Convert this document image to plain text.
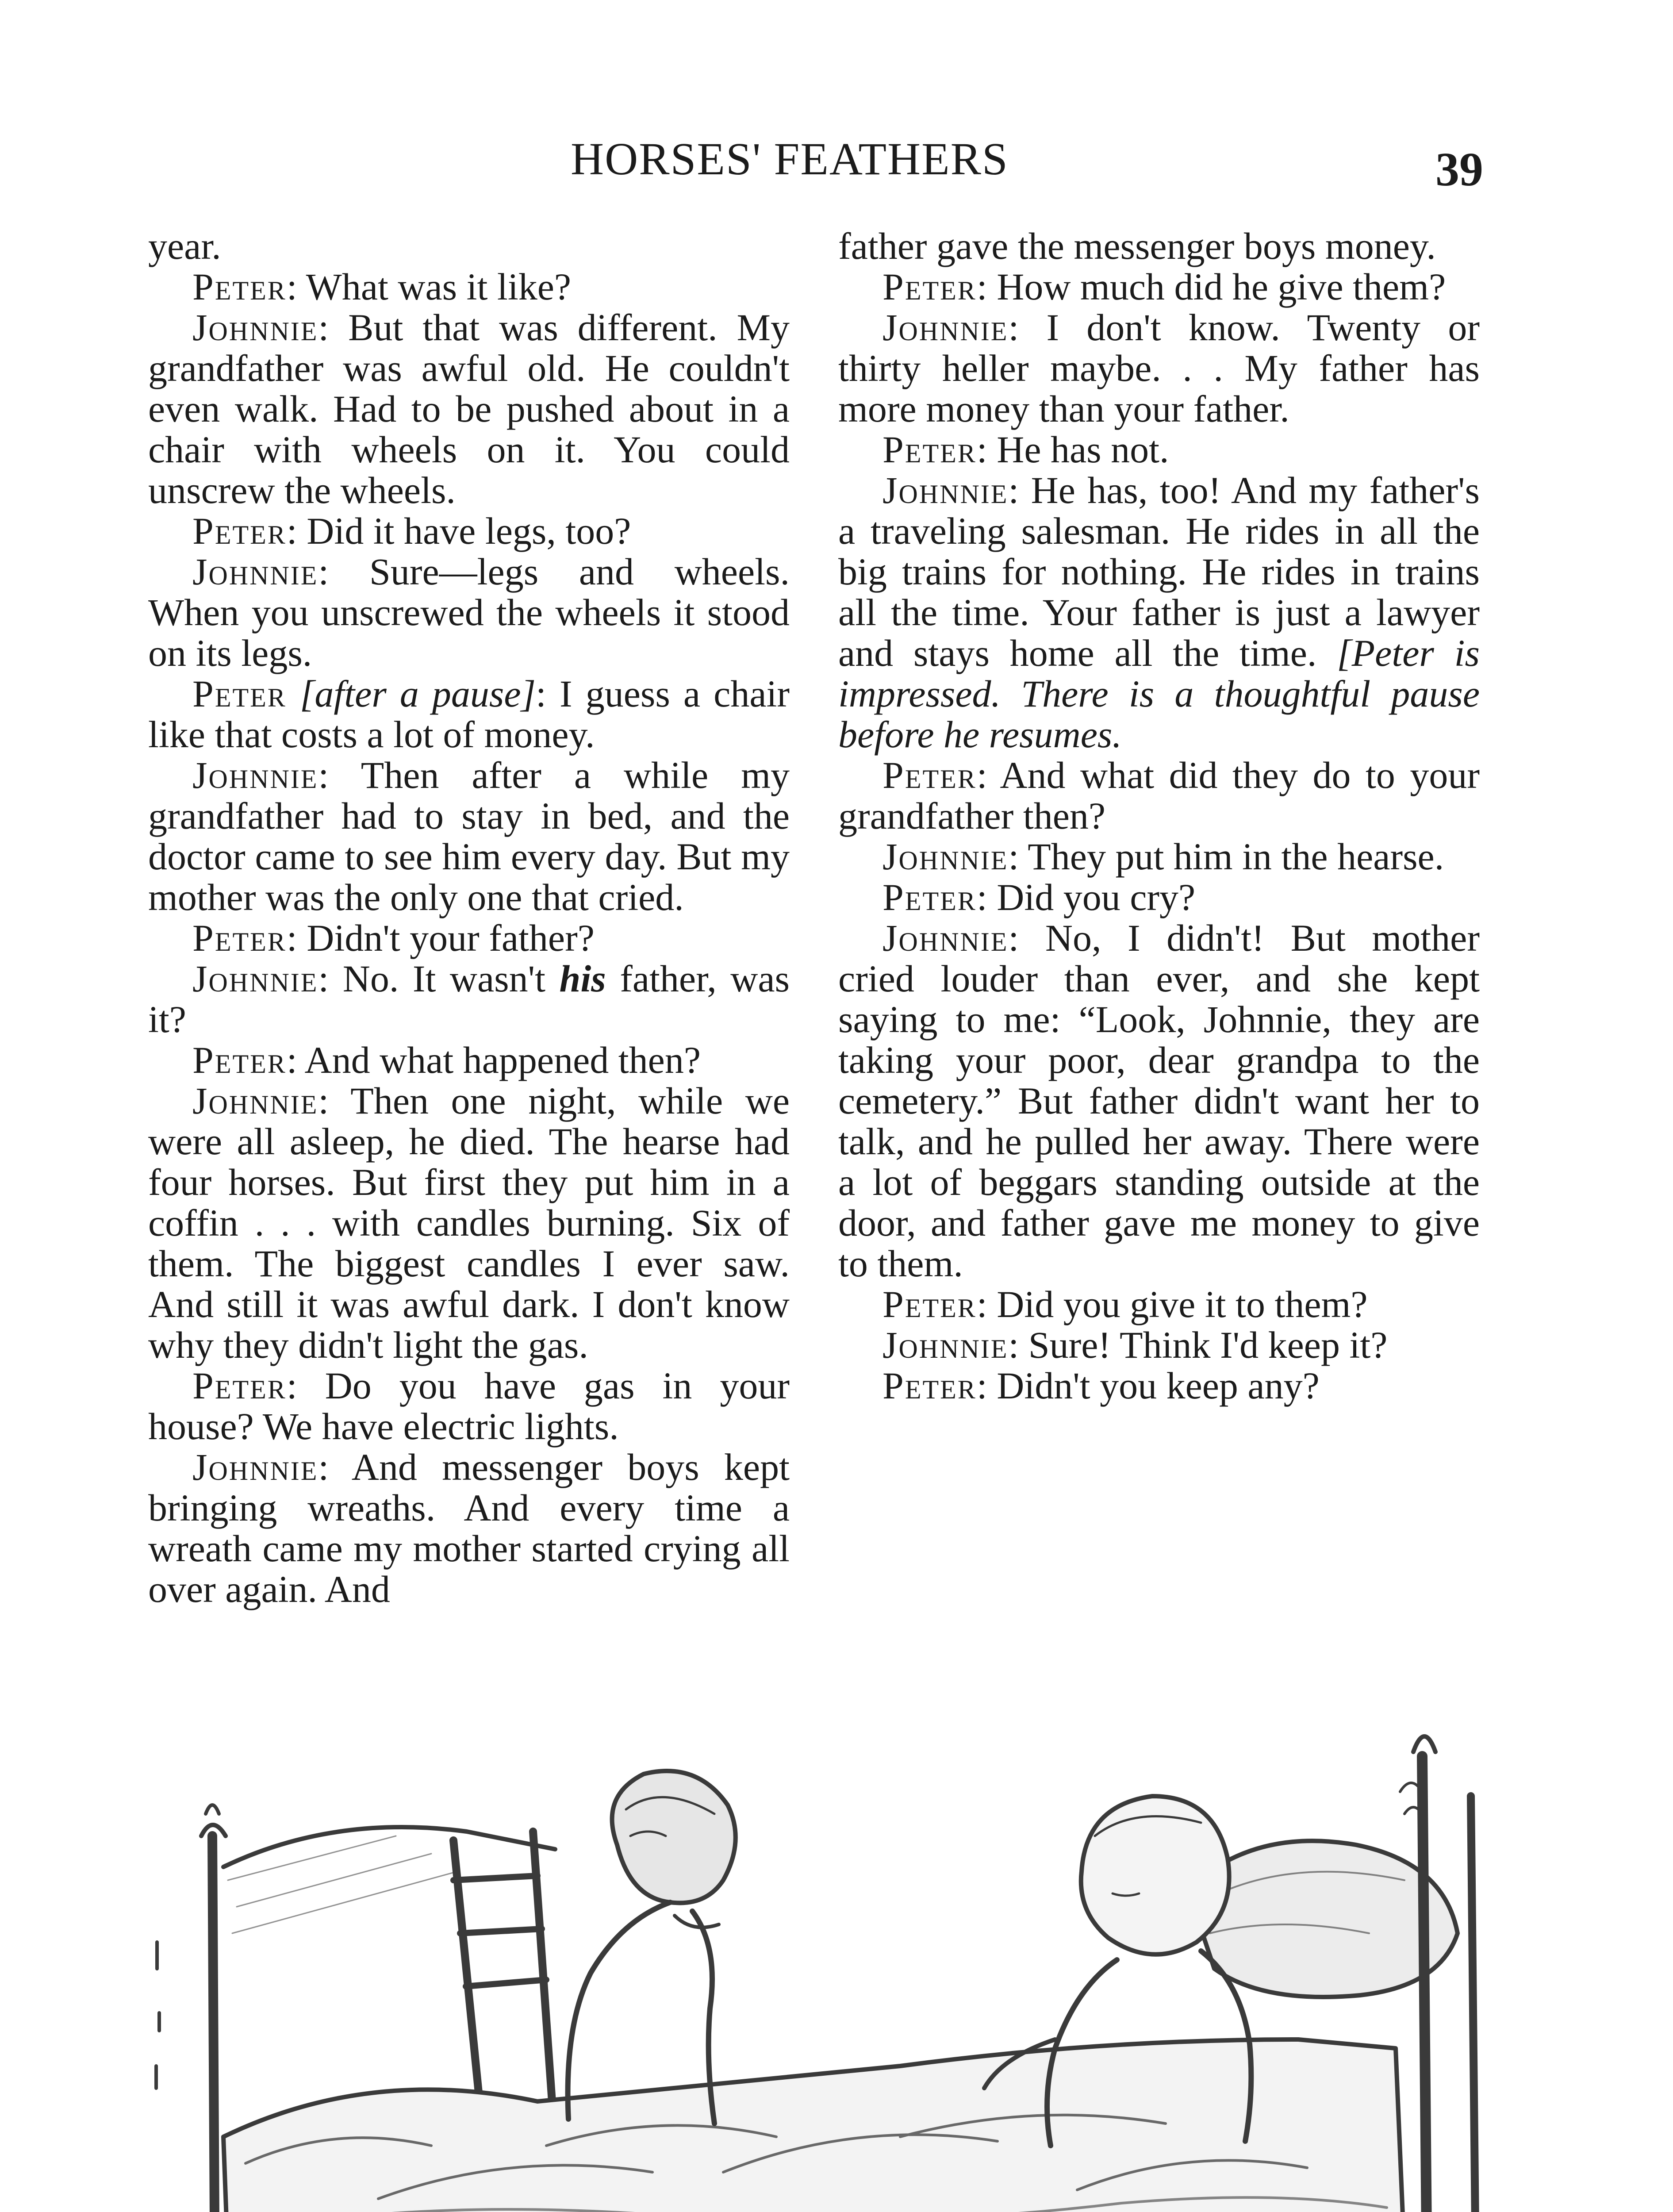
HORSES' FEATHERS	39

year.

Peter: What was it like?

Johnnie: But that was different. My grandfather was awful old. He couldn't even walk. Had to be pushed about in a chair with wheels on it. You could unscrew the wheels.

Peter: Did it have legs, too?

Johnnie: Sure—legs and wheels. When you unscrewed the wheels it stood on its legs.

Peter [after a pause]: I guess a chair like that costs a lot of money.

Johnnie: Then after a while my grandfather had to stay in bed, and the doctor came to see him every day. But my mother was the only one that cried.

Peter: Didn't your father?

Johnnie: No. It wasn't his father, was it?

Peter: And what happened then?

Johnnie: Then one night, while we were all asleep, he died. The hearse had four horses. But first they put him in a coffin . . . with candles burning. Six of them. The biggest candles I ever saw. And still it was awful dark. I don't know why they didn't light the gas.

Peter: Do you have gas in your house? We have electric lights.

Johnnie: And messenger boys kept bringing wreaths. And every time a wreath came my mother started crying all over again. And

father gave the messenger boys money.

Peter: How much did he give them?

Johnnie: I don't know. Twenty or thirty heller maybe. . . My father has more money than your father.

Peter: He has not.

Johnnie: He has, too! And my father's a traveling salesman. He rides in all the big trains for nothing. He rides in trains all the time. Your father is just a lawyer and stays home all the time. [Peter is impressed. There is a thoughtful pause before he resumes.

Peter: And what did they do to your grandfather then?

Johnnie: They put him in the hearse.

Peter: Did you cry?

Johnnie: No, I didn't! But mother cried louder than ever, and she kept saying to me: “Look, Johnnie, they are taking your poor, dear grandpa to the cemetery.” But father didn't want her to talk, and he pulled her away. There were a lot of beggars standing outside at the door, and father gave me money to give to them.

Peter: Did you give it to them?

Johnnie: Sure! Think I'd keep it?

Peter: Didn't you keep any?
